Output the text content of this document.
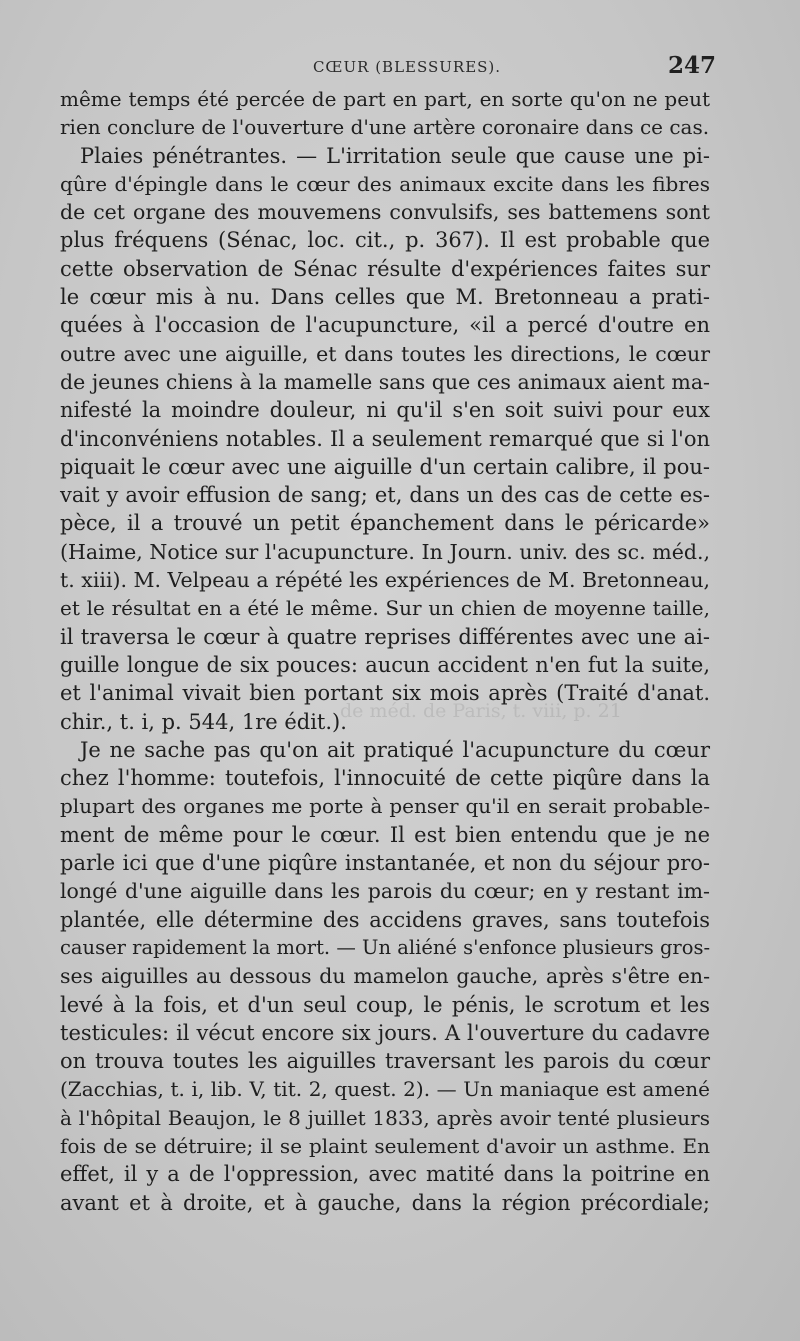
de méd. de Paris, t. viii, p. 21
CŒUR (BLESSURES).	247
même temps été percée de part en part, en sorte qu'on ne peut
rien conclure de l'ouverture d'une artère coronaire dans ce cas.
Plaies pénétrantes. — L'irritation seule que cause une pi-
qûre d'épingle dans le cœur des animaux excite dans les fibres
de cet organe des mouvemens convulsifs, ses battemens sont
plus fréquens (Sénac, loc. cit., p. 367). Il est probable que
cette observation de Sénac résulte d'expériences faites sur
le cœur mis à nu. Dans celles que M. Bretonneau a prati-
quées à l'occasion de l'acupuncture, «il a percé d'outre en
outre avec une aiguille, et dans toutes les directions, le cœur
de jeunes chiens à la mamelle sans que ces animaux aient ma-
nifesté la moindre douleur, ni qu'il s'en soit suivi pour eux
d'inconvéniens notables. Il a seulement remarqué que si l'on
piquait le cœur avec une aiguille d'un certain calibre, il pou-
vait y avoir effusion de sang; et, dans un des cas de cette es-
pèce, il a trouvé un petit épanchement dans le péricarde»
(Haime, Notice sur l'acupuncture. In Journ. univ. des sc. méd.,
t. xiii). M. Velpeau a répété les expériences de M. Bretonneau,
et le résultat en a été le même. Sur un chien de moyenne taille,
il traversa le cœur à quatre reprises différentes avec une ai-
guille longue de six pouces: aucun accident n'en fut la suite,
et l'animal vivait bien portant six mois après (Traité d'anat.
chir., t. i, p. 544, 1re édit.).
Je ne sache pas qu'on ait pratiqué l'acupuncture du cœur
chez l'homme: toutefois, l'innocuité de cette piqûre dans la
plupart des organes me porte à penser qu'il en serait probable-
ment de même pour le cœur. Il est bien entendu que je ne
parle ici que d'une piqûre instantanée, et non du séjour pro-
longé d'une aiguille dans les parois du cœur; en y restant im-
plantée, elle détermine des accidens graves, sans toutefois
causer rapidement la mort. — Un aliéné s'enfonce plusieurs gros-
ses aiguilles au dessous du mamelon gauche, après s'être en-
levé à la fois, et d'un seul coup, le pénis, le scrotum et les
testicules: il vécut encore six jours. A l'ouverture du cadavre
on trouva toutes les aiguilles traversant les parois du cœur
(Zacchias, t. i, lib. V, tit. 2, quest. 2). — Un maniaque est amené
à l'hôpital Beaujon, le 8 juillet 1833, après avoir tenté plusieurs
fois de se détruire; il se plaint seulement d'avoir un asthme. En
effet, il y a de l'oppression, avec matité dans la poitrine en
avant et à droite, et à gauche, dans la région précordiale;
